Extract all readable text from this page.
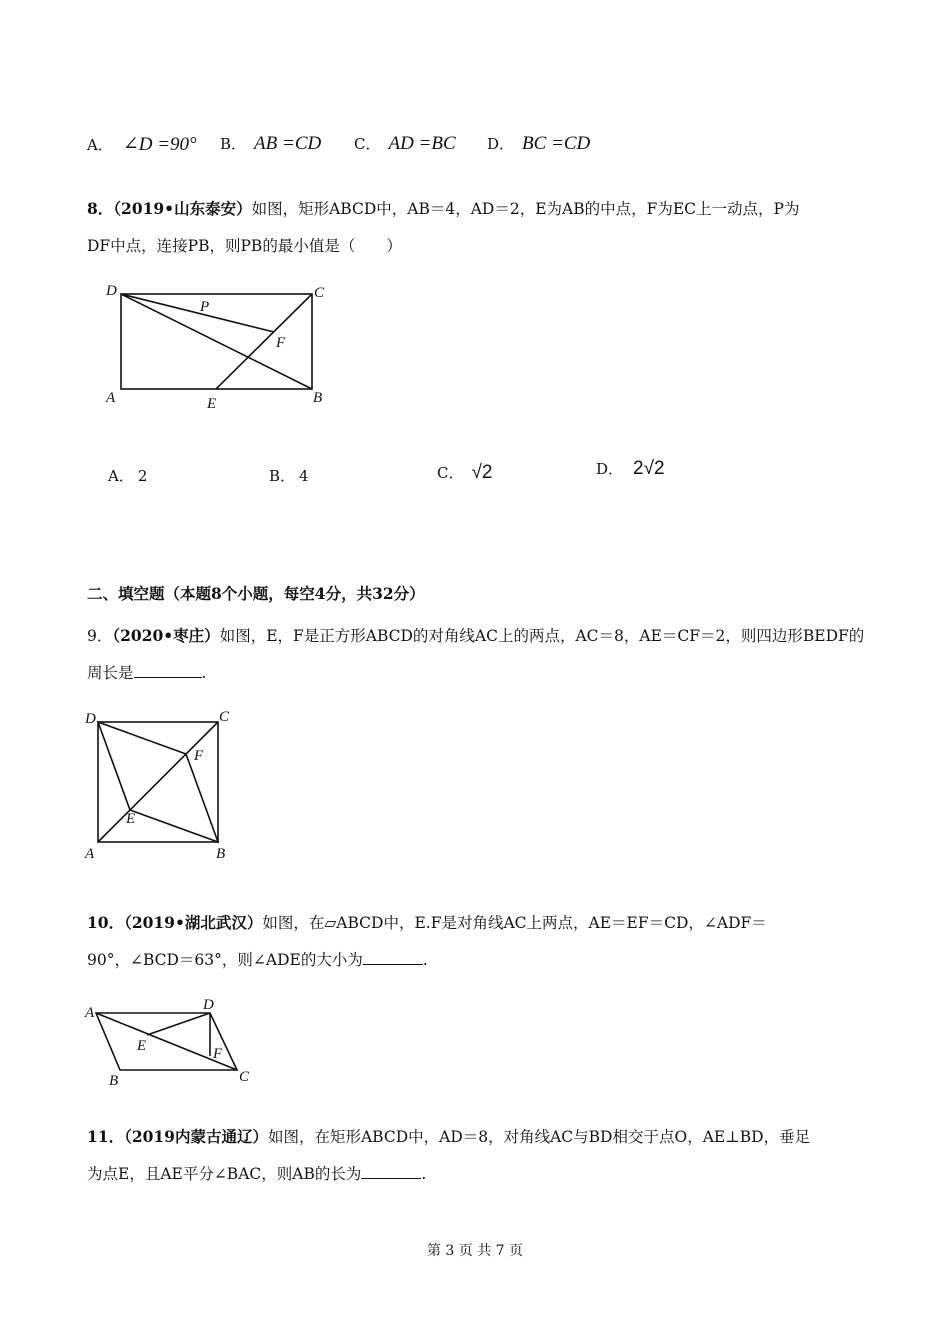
A． ∠D =90° B． AB =CD C． AD =BC D． BC =CD
8．（2019•山东泰安）如图，矩形ABCD中，AB＝4，AD＝2，E为AB的中点，F为EC上一动点，P为
DF中点，连接PB，则PB的最小值是（　　）
D	C
P
F
A	E	B
A． 2	B． 4	C． √2	D． 2√2
二、填空题（本题8个小题，每空4分，共32分）
9．（2020•枣庄）如图，E，F是正方形ABCD的对角线AC上的两点，AC＝8，AE＝CF＝2，则四边形BEDF的
周长是	.
D	C
F
E
A	B
10．（2019•湖北武汉）如图，在▱ABCD中，E.F是对角线AC上两点，AE＝EF＝CD，∠ADF＝
90°，∠BCD＝63°，则∠ADE的大小为	.
A	D
E	F
B	C
11．（2019内蒙古通辽）如图，在矩形ABCD中，AD＝8，对角线AC与BD相交于点O，AE⊥BD，垂足
为点E，且AE平分∠BAC，则AB的长为	.
第 3 页 共 7 页
